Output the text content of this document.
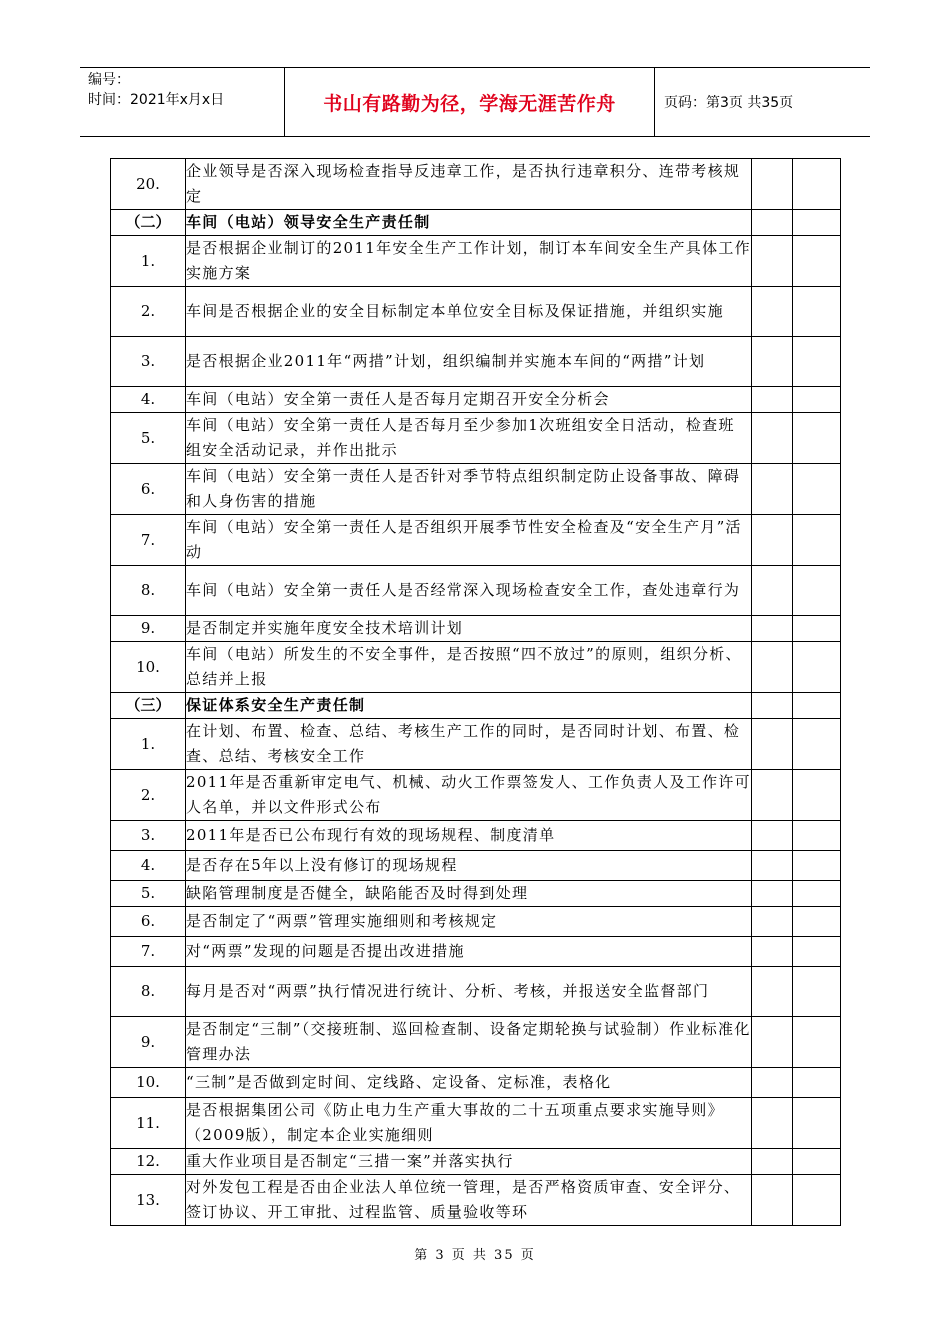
编号：
时间：2021年x月x日	书山有路勤为径，学海无涯苦作舟	页码：第3页 共35页
20.	企业领导是否深入现场检查指导反违章工作，是否执行违章积分、连带考核规定		
（二）	车间（电站）领导安全生产责任制		
1.	是否根据企业制订的2011年安全生产工作计划，制订本车间安全生产具体工作实施方案		
2.	车间是否根据企业的安全目标制定本单位安全目标及保证措施，并组织实施		
3.	是否根据企业2011年“两措”计划，组织编制并实施本车间的“两措”计划		
4.	车间（电站）安全第一责任人是否每月定期召开安全分析会		
5.	车间（电站）安全第一责任人是否每月至少参加1次班组安全日活动，检查班组安全活动记录，并作出批示		
6.	车间（电站）安全第一责任人是否针对季节特点组织制定防止设备事故、障碍和人身伤害的措施		
7.	车间（电站）安全第一责任人是否组织开展季节性安全检查及“安全生产月”活动		
8.	车间（电站）安全第一责任人是否经常深入现场检查安全工作，查处违章行为		
9.	是否制定并实施年度安全技术培训计划		
10.	车间（电站）所发生的不安全事件，是否按照“四不放过”的原则，组织分析、总结并上报		
（三）	保证体系安全生产责任制		
1.	在计划、布置、检查、总结、考核生产工作的同时，是否同时计划、布置、检查、总结、考核安全工作		
2.	2011年是否重新审定电气、机械、动火工作票签发人、工作负责人及工作许可人名单，并以文件形式公布		
3.	2011年是否已公布现行有效的现场规程、制度清单		
4.	是否存在5年以上没有修订的现场规程		
5.	缺陷管理制度是否健全，缺陷能否及时得到处理		
6.	是否制定了“两票”管理实施细则和考核规定		
7.	对“两票”发现的问题是否提出改进措施		
8.	每月是否对“两票”执行情况进行统计、分析、考核，并报送安全监督部门		
9.	是否制定“三制”（交接班制、巡回检查制、设备定期轮换与试验制）作业标准化管理办法		
10.	“三制”是否做到定时间、定线路、定设备、定标准，表格化		
11.	是否根据集团公司《防止电力生产重大事故的二十五项重点要求实施导则》（2009版），制定本企业实施细则		
12.	重大作业项目是否制定“三措一案”并落实执行		
13.	对外发包工程是否由企业法人单位统一管理，是否严格资质审查、安全评分、签订协议、开工审批、过程监管、质量验收等环		
第 3 页 共 35 页
